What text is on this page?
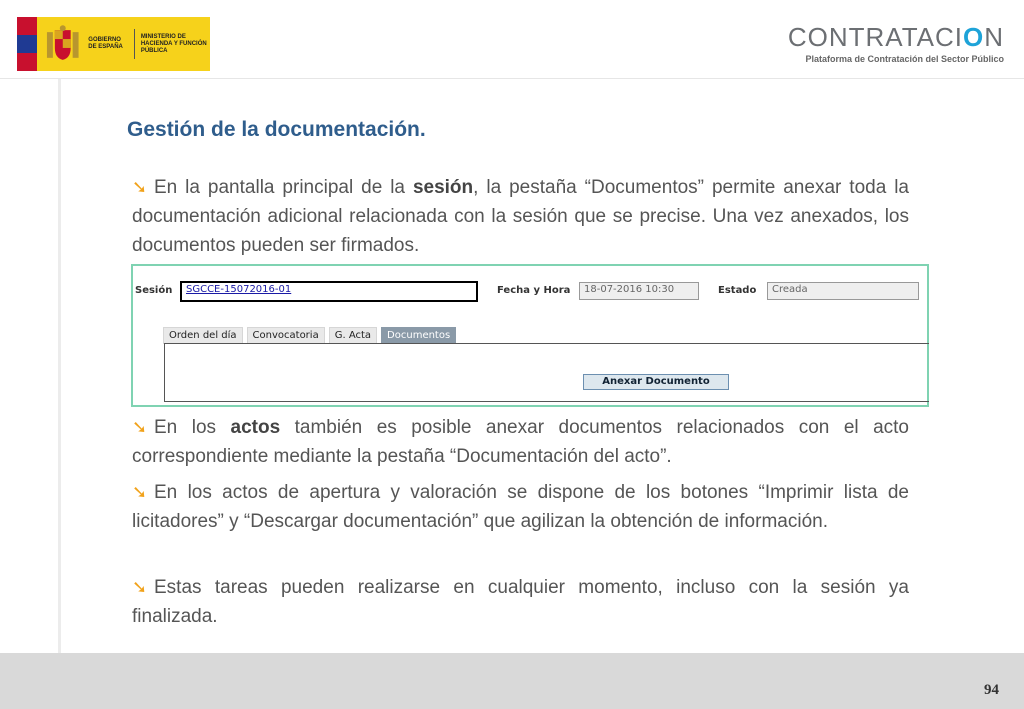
GOBIERNO DE ESPAÑA
MINISTERIO DE HACIENDA Y FUNCIÓN PÚBLICA	CONTRATACION
Plataforma de Contratación del Sector Público
Gestión de la documentación.
➘ En la pantalla principal de la sesión, la pestaña “Documentos” permite anexar toda la documentación adicional relacionada con la sesión que se precise. Una vez anexados, los documentos pueden ser firmados.
Sesión	SGCCE-15072016-01	Fecha y Hora	18-07-2016 10:30	Estado	Creada
Orden del día	Convocatoria	G. Acta	Documentos
Anexar Documento
➘ En los actos también es posible anexar documentos relacionados con el acto correspondiente mediante la pestaña “Documentación del acto”.
➘ En los actos de apertura y valoración se dispone de los botones “Imprimir lista de licitadores” y “Descargar documentación” que agilizan la obtención de información.
➘ Estas tareas pueden realizarse en cualquier momento, incluso con la sesión ya finalizada.
94
